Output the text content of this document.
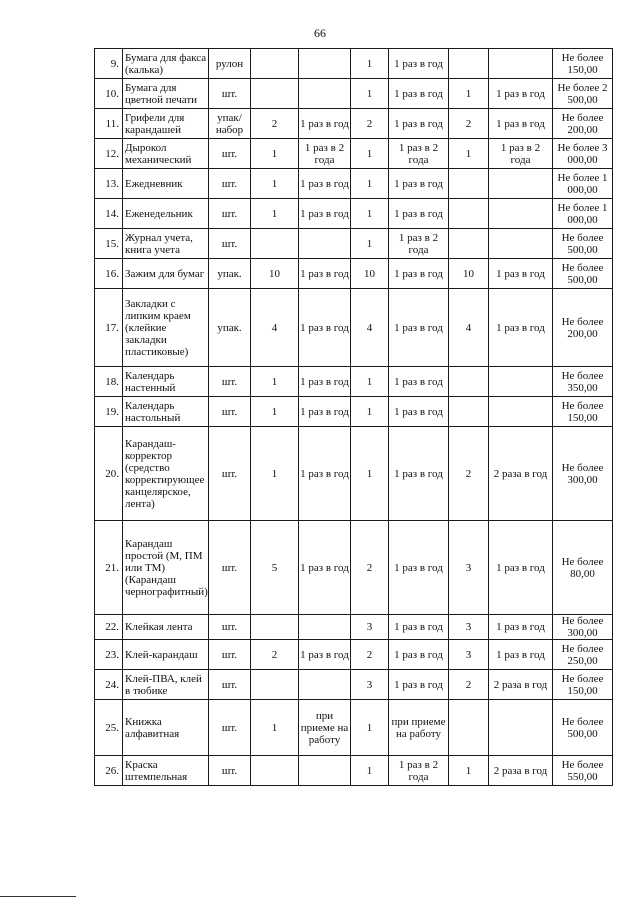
66
9.	Бумага для факса (калька)	рулон			1	1 раз в год			Не более 150,00
10.	Бумага для цветной печати	шт.			1	1 раз в год	1	1 раз в год	Не более 2 500,00
11.	Грифели для карандашей	упак/ набор	2	1 раз в год	2	1 раз в год	2	1 раз в год	Не более 200,00
12.	Дырокол механический	шт.	1	1 раз в 2 года	1	1 раз в 2 года	1	1 раз в 2 года	Не более 3 000,00
13.	Ежедневник	шт.	1	1 раз в год	1	1 раз в год			Не более 1 000,00
14.	Еженедельник	шт.	1	1 раз в год	1	1 раз в год			Не более 1 000,00
15.	Журнал учета, книга учета	шт.			1	1 раз в 2 года			Не более 500,00
16.	Зажим для бумаг	упак.	10	1 раз в год	10	1 раз в год	10	1 раз в год	Не более 500,00
17.	Закладки с липким краем (клейкие закладки пластиковые)	упак.	4	1 раз в год	4	1 раз в год	4	1 раз в год	Не более 200,00
18.	Календарь настенный	шт.	1	1 раз в год	1	1 раз в год			Не более 350,00
19.	Календарь настольный	шт.	1	1 раз в год	1	1 раз в год			Не более 150,00
20.	Карандаш-корректор (средство корректирующее канцелярское, лента)	шт.	1	1 раз в год	1	1 раз в год	2	2 раза в год	Не более 300,00
21.	Карандаш простой (М, ПМ или ТМ) (Карандаш чернографитный)	шт.	5	1 раз в год	2	1 раз в год	3	1 раз в год	Не более 80,00
22.	Клейкая лента	шт.			3	1 раз в год	3	1 раз в год	Не более 300,00
23.	Клей-карандаш	шт.	2	1 раз в год	2	1 раз в год	3	1 раз в год	Не более 250,00
24.	Клей-ПВА, клей в тюбике	шт.			3	1 раз в год	2	2 раза в год	Не более 150,00
25.	Книжка алфавитная	шт.	1	при приеме на работу	1	при приеме на работу			Не более 500,00
26.	Краска штемпельная	шт.			1	1 раз в 2 года	1	2 раза в год	Не более 550,00
